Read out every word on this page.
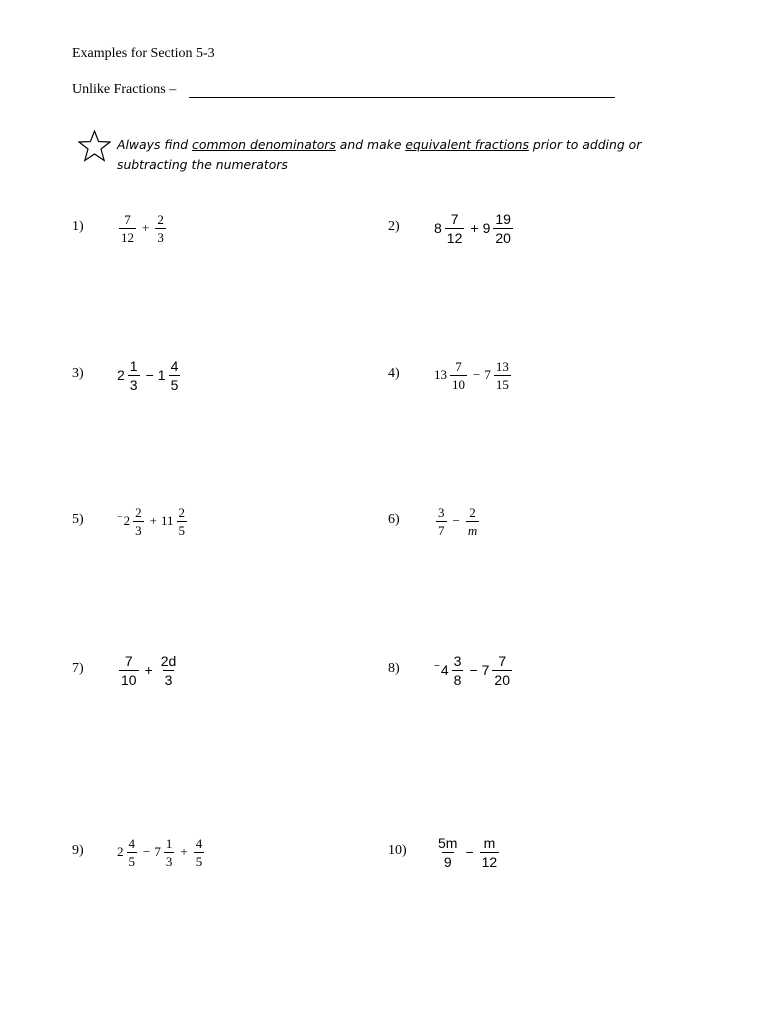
Examples for Section 5-3
Unlike Fractions –
Always find common denominators and make equivalent fractions prior to adding or
subtracting the numerators
1)	$\frac{7}{12} + \frac{2}{3}$	2) $8 \frac{7}{12} + 9 \frac{19}{20}$
3) $2 \frac{1}{3} - 1 \frac{4}{5}$	4)	$13 \frac{7}{10} - 7 \frac{13}{15}$
5)	− $2 \frac{2}{3} + 11 \frac{2}{5}$	6)	$\frac{3}{7} - \frac{2}{m}$
7)	$\frac{7}{10} + \frac{2d}{3}$	8)	− $4 \frac{3}{8} - 7 \frac{7}{20}$
9)	$2 \frac{4}{5} - 7 \frac{1}{3} + \frac{4}{5}$	$10) \frac{5m}{9} - \frac{m}{12}$
